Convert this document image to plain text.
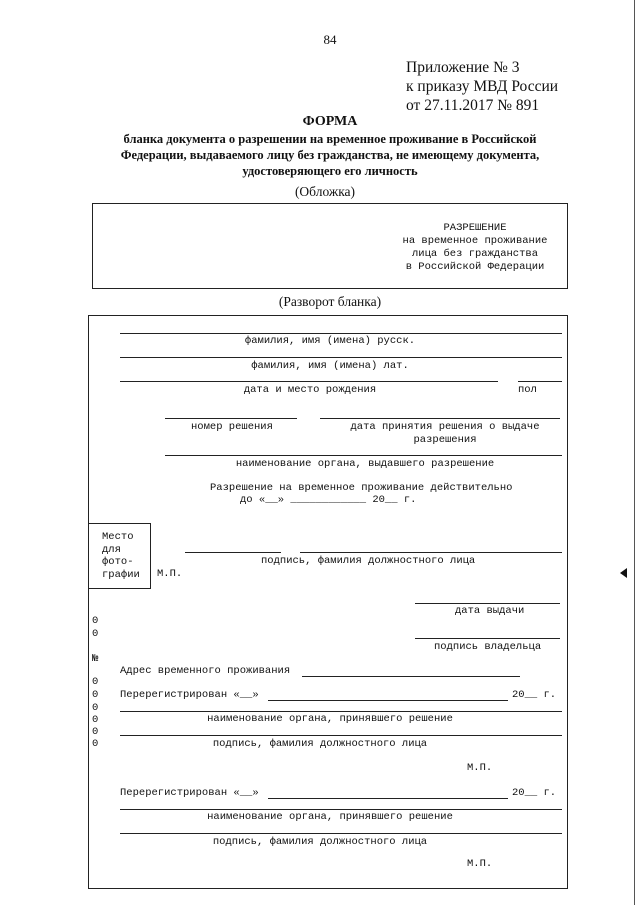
84
Приложение № 3
к приказу МВД России
от 27.11.2017 № 891
ФОРМА
бланка документа о разрешении на временное проживание в Российской
Федерации, выдаваемого лицу без гражданства, не имеющему документа,
удостоверяющего его личность
(Обложка)
РАЗРЕШЕНИЕ
на временное проживание
лица без гражданства
в Российской Федерации
(Разворот бланка)
фамилия, имя (имена) русск.
фамилия, имя (имена) лат.
дата и место рождения	пол
номер решения	дата принятия решения о выдаче
разрешения
наименование органа, выдавшего разрешение
Разрешение на временное проживание действительно
до «__» ____________ 20__ г.
Место
для
фото-
графии М.П.
подпись, фамилия должностного лица
дата выдачи
подпись владельца
Адрес временного проживания
Перерегистрирован «__»	20__ г.
наименование органа, принявшего решение
подпись, фамилия должностного лица
М.П.
Перерегистрирован «__»	20__ г.
наименование органа, принявшего решение
подпись, фамилия должностного лица
М.П.
0
0
№
0
0
0
0
0
0
